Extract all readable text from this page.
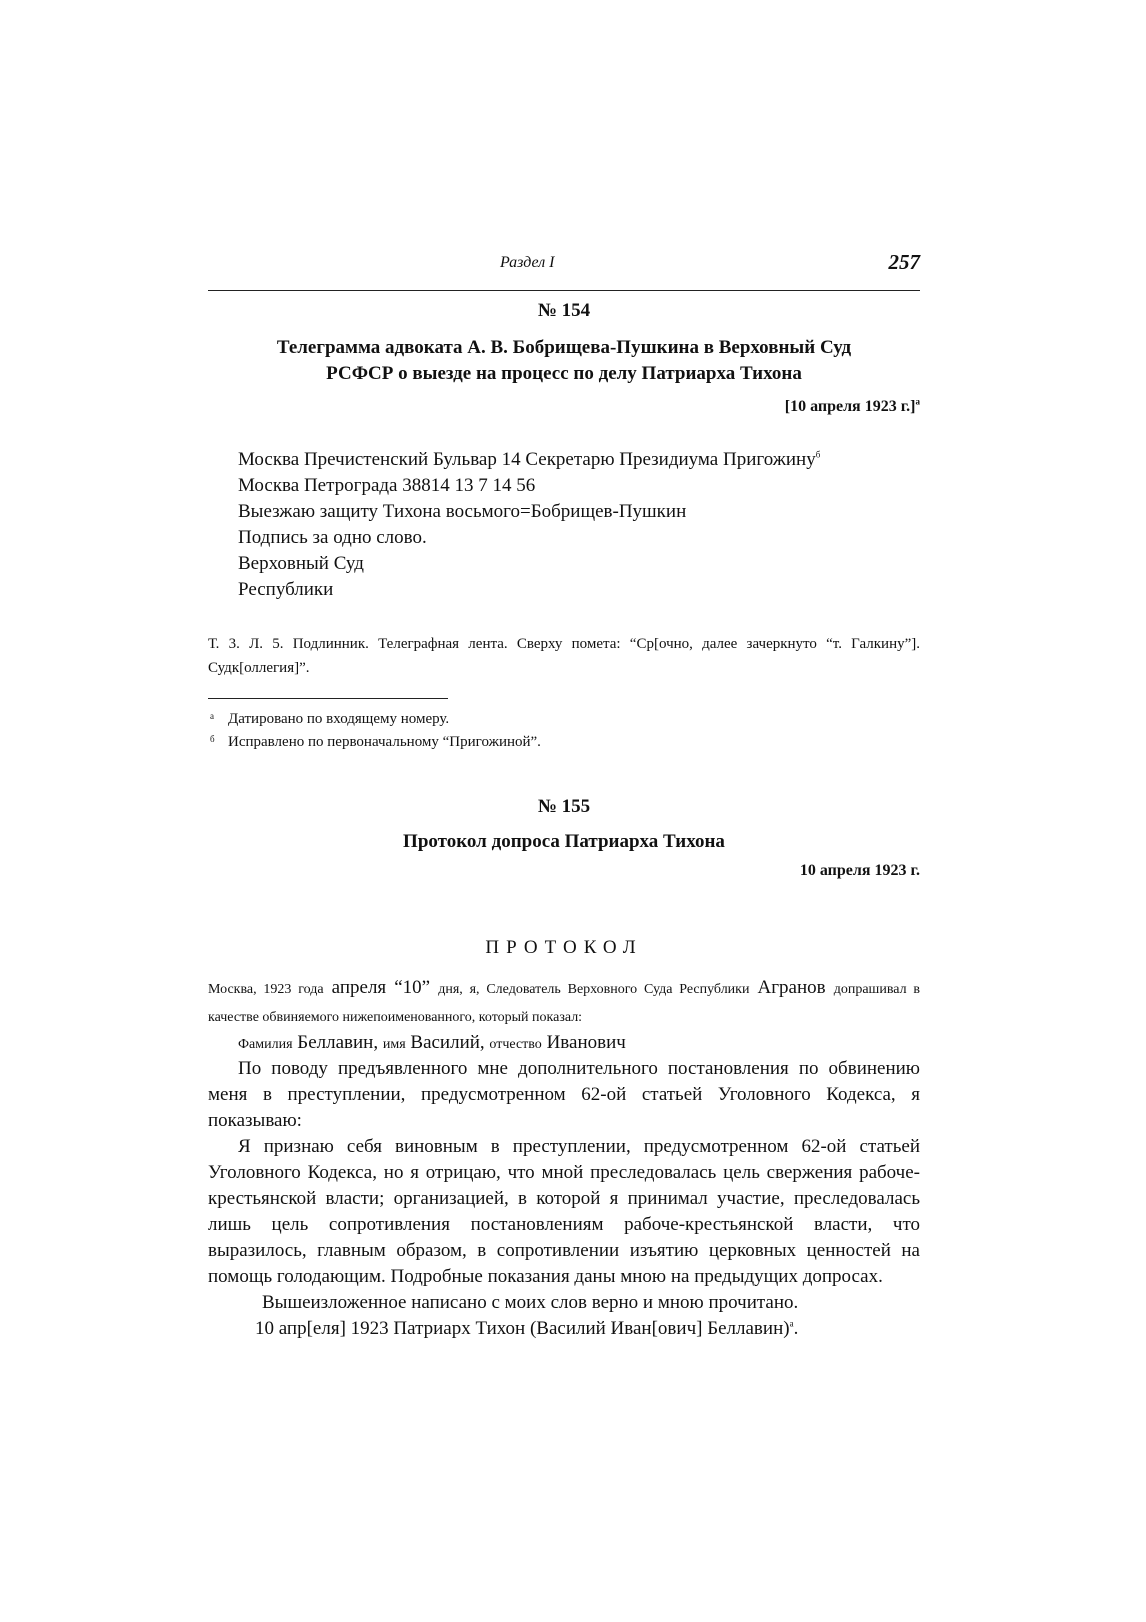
Раздел I	257
№ 154
Телеграмма адвоката А. В. Бобрищева-Пушкина в Верховный Суд
РСФСР о выезде на процесс по делу Патриарха Тихона
[10 апреля 1923 г.]$^а$
Москва Пречистенский Бульвар 14 Секретарю Президиума Пригожину$^б$
Москва Петрограда 38814 13 7 14 56
Выезжаю защиту Тихона восьмого=Бобрищев-Пушкин
Подпись за одно слово.
Верховный Суд
Республики
Т. 3. Л. 5. Подлинник. Телеграфная лента. Сверху помета: “Ср[очно, далее зачеркнуто “т. Галкину”]. Судк[оллегия]”.
а Датировано по входящему номеру.
б Исправлено по первоначальному “Пригожиной”.
№ 155
Протокол допроса Патриарха Тихона
10 апреля 1923 г.
ПРОТОКОЛ
Москва, 1923 года апреля “10” дня, я, Следователь Верховного Суда Республики Агранов допрашивал в качестве обвиняемого нижепоименованного, который показал:
Фамилия Беллавин, имя Василий, отчество Иванович

По поводу предъявленного мне дополнительного постановления по обвинению меня в преступлении, предусмотренном 62-ой статьей Уголовного Кодекса, я показываю:

Я признаю себя виновным в преступлении, предусмотренном 62-ой статьей Уголовного Кодекса, но я отрицаю, что мной преследовалась цель свержения рабоче-крестьянской власти; организацией, в которой я принимал участие, преследовалась лишь цель сопротивления постановлениям рабоче-крестьянской власти, что выразилось, главным образом, в сопротивлении изъятию церковных ценностей на помощь голодающим. Подробные показания даны мною на предыдущих допросах.

Вышеизложенное написано с моих слов верно и мною прочитано.
10 апр[еля] 1923 Патриарх Тихон (Василий Иван[ович] Беллавин)$^а$.
